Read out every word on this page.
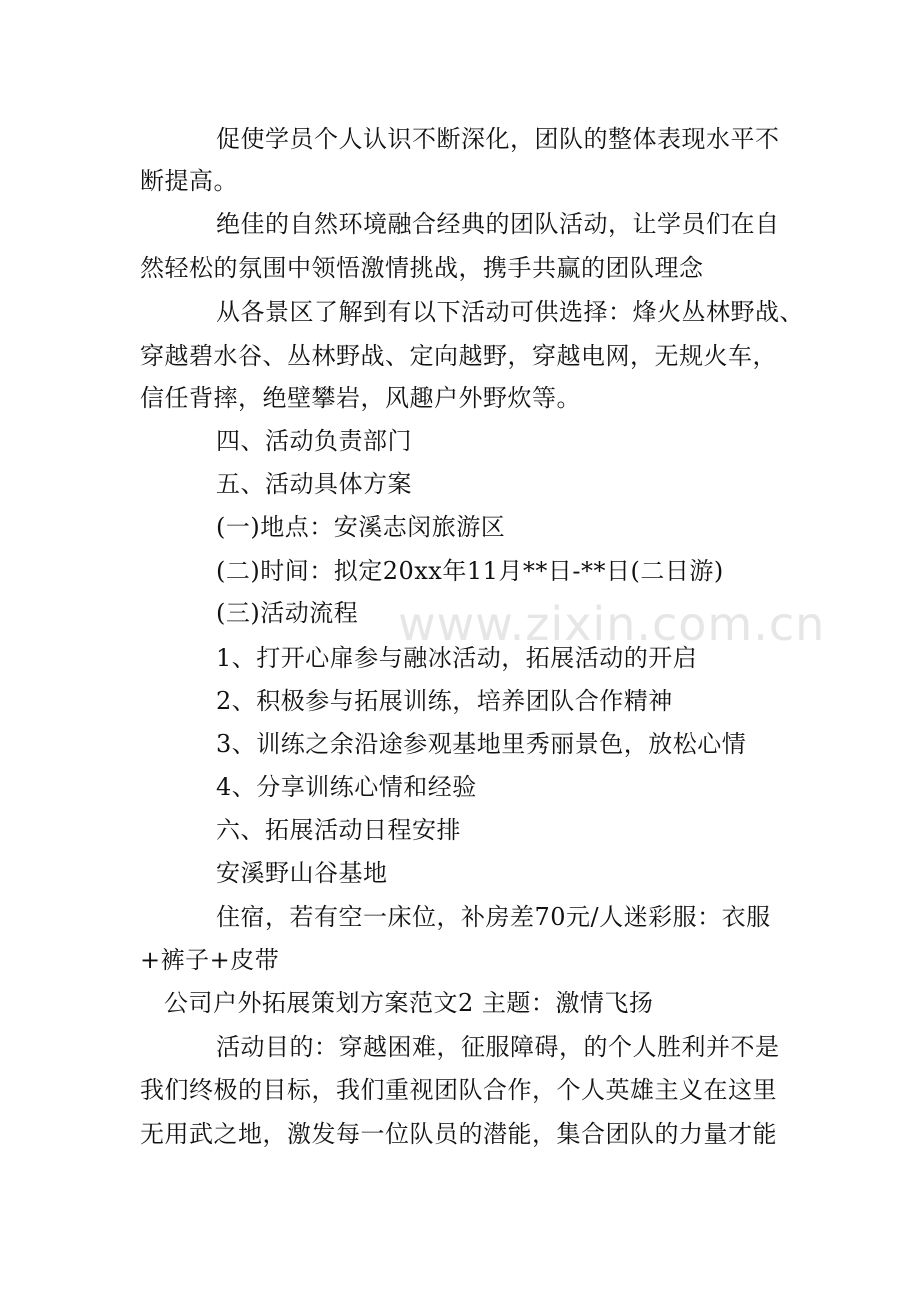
www.zixin.com.cn
促使学员个人认识不断深化，团队的整体表现水平不
断提高。
绝佳的自然环境融合经典的团队活动，让学员们在自
然轻松的氛围中领悟激情挑战，携手共赢的团队理念
从各景区了解到有以下活动可供选择：烽火丛林野战、
穿越碧水谷、丛林野战、定向越野，穿越电网，无规火车，
信任背摔，绝壁攀岩，风趣户外野炊等。
四、活动负责部门
五、活动具体方案
(一)地点：安溪志闵旅游区
(二)时间：拟定20xx年11月**日-**日(二日游)
(三)活动流程
1、打开心扉参与融冰活动，拓展活动的开启
2、积极参与拓展训练，培养团队合作精神
3、训练之余沿途参观基地里秀丽景色，放松心情
4、分享训练心情和经验
六、拓展活动日程安排
安溪野山谷基地
住宿，若有空一床位，补房差70元/人迷彩服：衣服
+裤子+皮带
公司户外拓展策划方案范文2 主题：激情飞扬
活动目的：穿越困难，征服障碍，的个人胜利并不是
我们终极的目标，我们重视团队合作，个人英雄主义在这里
无用武之地，激发每一位队员的潜能，集合团队的力量才能
